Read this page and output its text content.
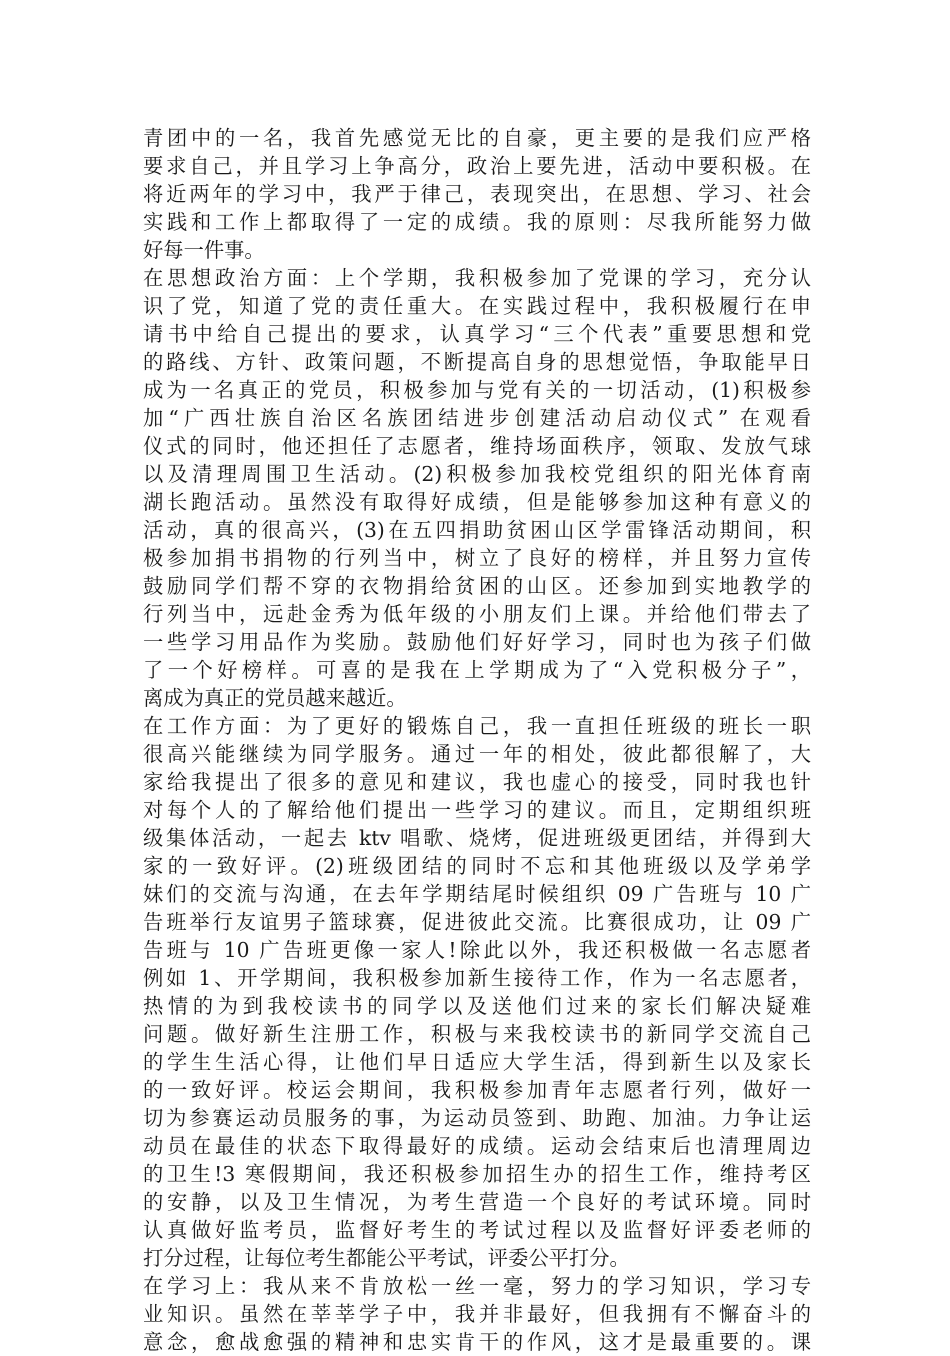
青团中的一名，我首先感觉无比的自豪，更主要的是我们应严格
要求自己，并且学习上争高分，政治上要先进，活动中要积极。在
将近两年的学习中，我严于律己，表现突出，在思想、学习、社会
实践和工作上都取得了一定的成绩。我的原则：尽我所能努力做
好每一件事。
在思想政治方面：上个学期，我积极参加了党课的学习，充分认
识了党，知道了党的责任重大。在实践过程中，我积极履行在申
请书中给自己提出的要求，认真学习“三个代表”重要思想和党
的路线、方针、政策问题，不断提高自身的思想觉悟，争取能早日
成为一名真正的党员，积极参加与党有关的一切活动，(1)积极参
加“广西壮族自治区名族团结进步创建活动启动仪式” 在观看
仪式的同时，他还担任了志愿者，维持场面秩序，领取、发放气球
以及清理周围卫生活动。(2)积极参加我校党组织的阳光体育南
湖长跑活动。虽然没有取得好成绩，但是能够参加这种有意义的
活动，真的很高兴，(3)在五四捐助贫困山区学雷锋活动期间，积
极参加捐书捐物的行列当中，树立了良好的榜样，并且努力宣传
鼓励同学们帮不穿的衣物捐给贫困的山区。还参加到实地教学的
行列当中，远赴金秀为低年级的小朋友们上课。并给他们带去了
一些学习用品作为奖励。鼓励他们好好学习，同时也为孩子们做
了一个好榜样。可喜的是我在上学期成为了“入党积极分子”，
离成为真正的党员越来越近。
在工作方面：为了更好的锻炼自己，我一直担任班级的班长一职
很高兴能继续为同学服务。通过一年的相处，彼此都很解了，大
家给我提出了很多的意见和建议，我也虚心的接受，同时我也针
对每个人的了解给他们提出一些学习的建议。而且，定期组织班
级集体活动，一起去 ktv 唱歌、烧烤，促进班级更团结，并得到大
家的一致好评。(2)班级团结的同时不忘和其他班级以及学弟学
妹们的交流与沟通，在去年学期结尾时候组织 09 广告班与 10 广
告班举行友谊男子篮球赛，促进彼此交流。比赛很成功，让 09 广
告班与 10 广告班更像一家人!除此以外，我还积极做一名志愿者
例如 1、开学期间，我积极参加新生接待工作，作为一名志愿者，
热情的为到我校读书的同学以及送他们过来的家长们解决疑难
问题。做好新生注册工作，积极与来我校读书的新同学交流自己
的学生生活心得，让他们早日适应大学生活，得到新生以及家长
的一致好评。校运会期间，我积极参加青年志愿者行列，做好一
切为参赛运动员服务的事，为运动员签到、助跑、加油。力争让运
动员在最佳的状态下取得最好的成绩。运动会结束后也清理周边
的卫生!3 寒假期间，我还积极参加招生办的招生工作，维持考区
的安静，以及卫生情况，为考生营造一个良好的考试环境。同时
认真做好监考员，监督好考生的考试过程以及监督好评委老师的
打分过程，让每位考生都能公平考试，评委公平打分。
在学习上：我从来不肯放松一丝一毫，努力的学习知识，学习专
业知识。虽然在莘莘学子中，我并非最好，但我拥有不懈奋斗的
意念，愈战愈强的精神和忠实肯干的作风，这才是最重要的。课
